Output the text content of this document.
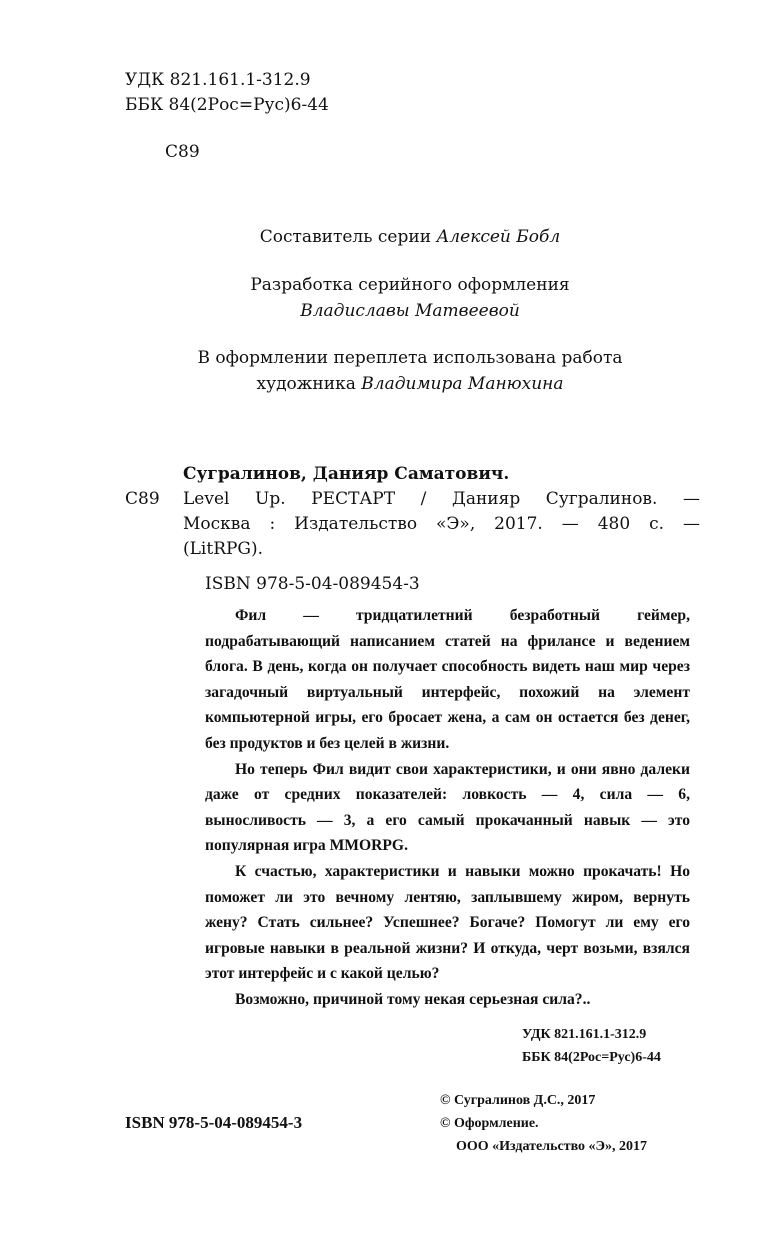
УДК 821.161.1-312.9
ББК 84(2Рос=Рус)6-44
С89
Составитель серии Алексей Бобл
Разработка серийного оформления
Владиславы Матвеевой
В оформлении переплета использована работа
художника Владимира Манюхина
Сугралинов, Данияр Саматович.
С89	Level Up. РЕСТАРТ / Данияр Сугралинов. —
Москва : Издательство «Э», 2017. — 480 с. —
(LitRPG).
ISBN 978-5-04-089454-3

Фил — тридцатилетний безработный геймер, подрабатывающий написанием статей на фрилансе и ведением блога. В день, когда он получает способность видеть наш мир через загадочный виртуальный интерфейс, похожий на элемент компьютерной игры, его бросает жена, а сам он остается без денег, без продуктов и без целей в жизни.

Но теперь Фил видит свои характеристики, и они явно далеки даже от средних показателей: ловкость — 4, сила — 6, выносливость — 3, а его самый прокачанный навык — это популярная игра MMORPG.

К счастью, характеристики и навыки можно прокачать! Но поможет ли это вечному лентяю, заплывшему жиром, вернуть жену? Стать сильнее? Успешнее? Богаче? Помогут ли ему его игровые навыки в реальной жизни? И откуда, черт возьми, взялся этот интерфейс и с какой целью?

Возможно, причиной тому некая серьезная сила?..

УДК 821.161.1-312.9
ББК 84(2Рос=Рус)6-44
ISBN 978-5-04-089454-3
© Сугралинов Д.С., 2017
© Оформление.
ООО «Издательство «Э», 2017
